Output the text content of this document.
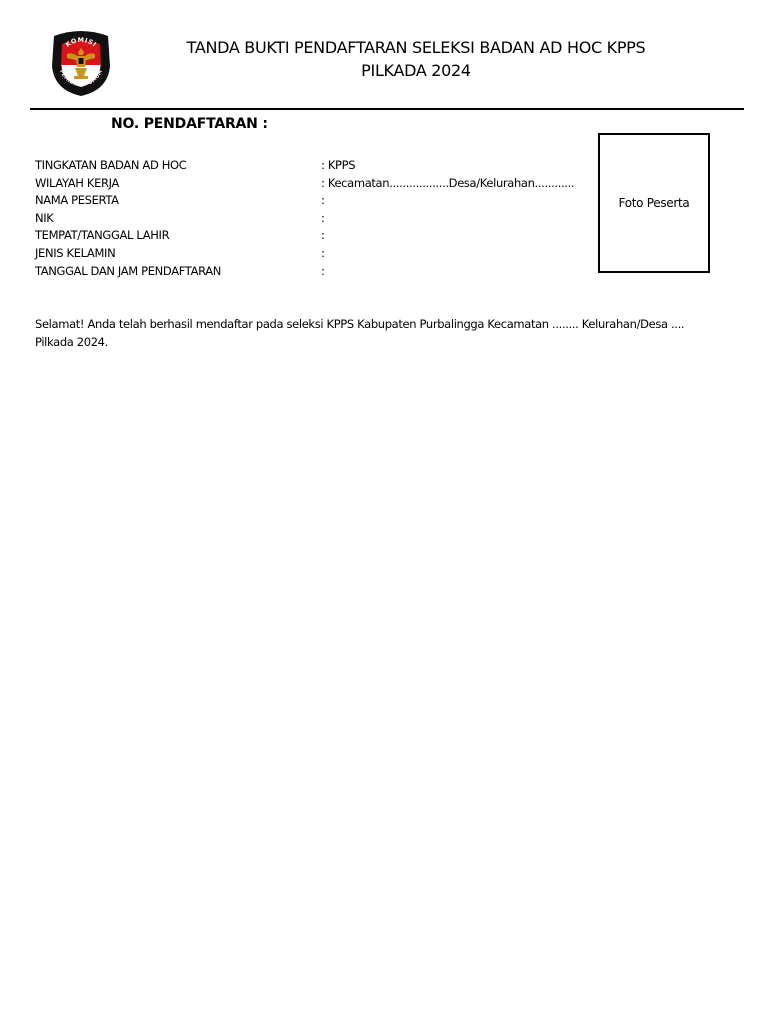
KOMISI
PEMILIHAN UMUM
TANDA BUKTI PENDAFTARAN SELEKSI BADAN AD HOC KPPS
PILKADA 2024
NO. PENDAFTARAN :
TINGKATAN BADAN AD HOC	: KPPS
WILAYAH KERJA	: Kecamatan..................Desa/Kelurahan............
NAMA PESERTA	:
NIK	:
TEMPAT/TANGGAL LAHIR	:
JENIS KELAMIN	:
TANGGAL DAN JAM PENDAFTARAN	:
Foto Peserta
Selamat! Anda telah berhasil mendaftar pada seleksi KPPS Kabupaten Purbalingga Kecamatan ........ Kelurahan/Desa ....
Pilkada 2024.
